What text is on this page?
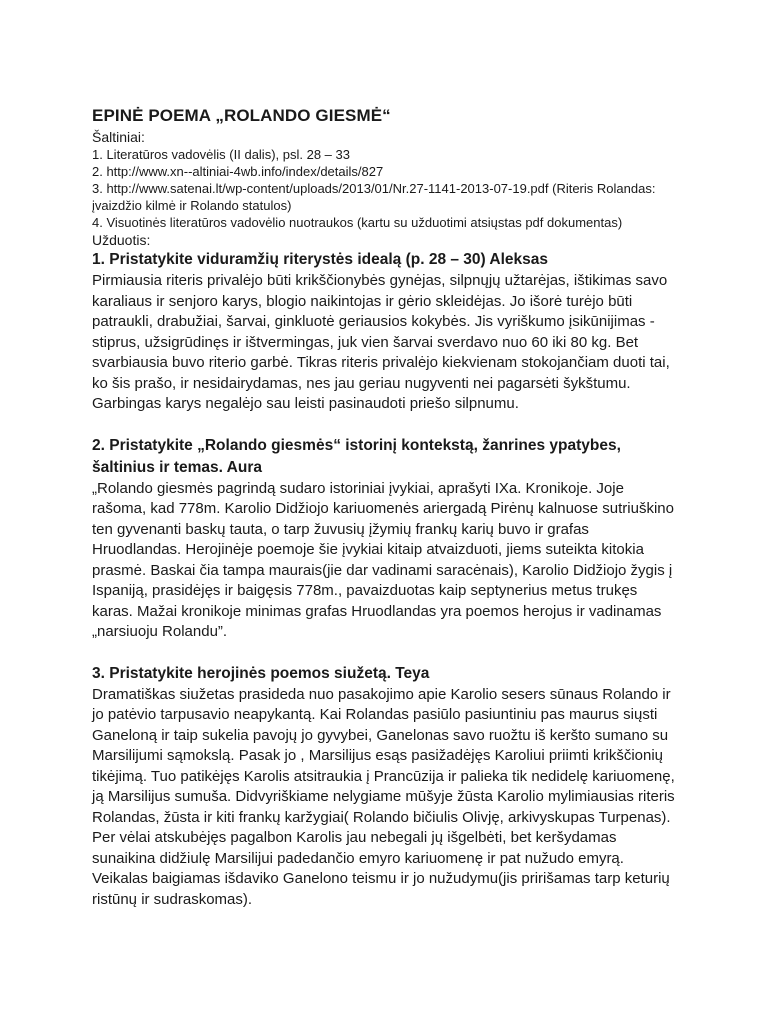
EPINĖ POEMA „ROLANDO GIESMĖ“

Šaltiniai:

1. Literatūros vadovėlis (II dalis), psl. 28 – 33
2. http://www.xn--altiniai-4wb.info/index/details/827
3. http://www.satenai.lt/wp-content/uploads/2013/01/Nr.27-1141-2013-07-19.pdf (Riteris Rolandas: įvaizdžio kilmė ir Rolando statulos)
4. Visuotinės literatūros vadovėlio nuotraukos (kartu su užduotimi atsiųstas pdf dokumentas)

Užduotis:

1. Pristatykite viduramžių riterystės idealą (p. 28 – 30) Aleksas

Pirmiausia riteris privalėjo būti krikščionybės gynėjas, silpnųjų užtarėjas, ištikimas savo karaliaus ir senjoro karys, blogio naikintojas ir gėrio skleidėjas. Jo išorė turėjo būti patraukli, drabužiai, šarvai, ginkluotė geriausios kokybės. Jis vyriškumo įsikūnijimas - stiprus, užsigrūdinęs ir ištvermingas, juk vien šarvai sverdavo nuo 60 iki 80 kg. Bet svarbiausia buvo riterio garbė. Tikras riteris privalėjo kiekvienam stokojančiam duoti tai, ko šis prašo, ir nesidairydamas, nes jau geriau nugyventi nei pagarsėti šykštumu. Garbingas karys negalėjo sau leisti pasinaudoti priešo silpnumu.

2. Pristatykite „Rolando giesmės“ istorinį kontekstą, žanrines ypatybes, šaltinius ir temas. Aura

„Rolando giesmės pagrindą sudaro istoriniai įvykiai, aprašyti IXa. Kronikoje. Joje rašoma, kad 778m. Karolio Didžiojo kariuomenės ariergadą Pirėnų kalnuose sutriuškino ten gyvenanti baskų tauta, o tarp žuvusių įžymių frankų karių buvo ir grafas Hruodlandas. Herojinėje poemoje šie įvykiai kitaip atvaizduoti, jiems suteikta kitokia prasmė. Baskai čia tampa maurais(jie dar vadinami saracėnais), Karolio Didžiojo žygis į Ispaniją, prasidėjęs ir baigęsis 778m., pavaizduotas kaip septynerius metus trukęs karas. Mažai kronikoje minimas grafas Hruodlandas yra poemos herojus ir vadinamas „narsiuoju Rolandu”.

3. Pristatykite herojinės poemos siužetą. Teya

Dramatiškas siužetas prasideda nuo pasakojimo apie Karolio sesers sūnaus Rolando ir jo patėvio tarpusavio neapykantą. Kai Rolandas pasiūlo pasiuntiniu pas maurus siųsti Ganeloną ir taip sukelia pavojų jo gyvybei, Ganelonas savo ruožtu iš keršto sumano su Marsilijumi sąmokslą. Pasak jo , Marsilijus esąs pasižadėjęs Karoliui priimti krikščionių tikėjimą. Tuo patikėjęs Karolis atsitraukia į Prancūzija ir palieka tik nedidelę kariuomenę, ją Marsilijus sumuša. Didvyriškiame nelygiame mūšyje žūsta Karolio mylimiausias riteris Rolandas, žūsta ir kiti frankų karžygiai( Rolando bičiulis Olivję, arkivyskupas Turpenas). Per vėlai atskubėjęs pagalbon Karolis jau nebegali jų išgelbėti, bet keršydamas sunaikina didžiulę Marsilijui padedančio emyro kariuomenę ir pat nužudo emyrą. Veikalas baigiamas išdaviko Ganelono teismu ir jo nužudymu(jis pririšamas tarp keturių ristūnų ir sudraskomas).
